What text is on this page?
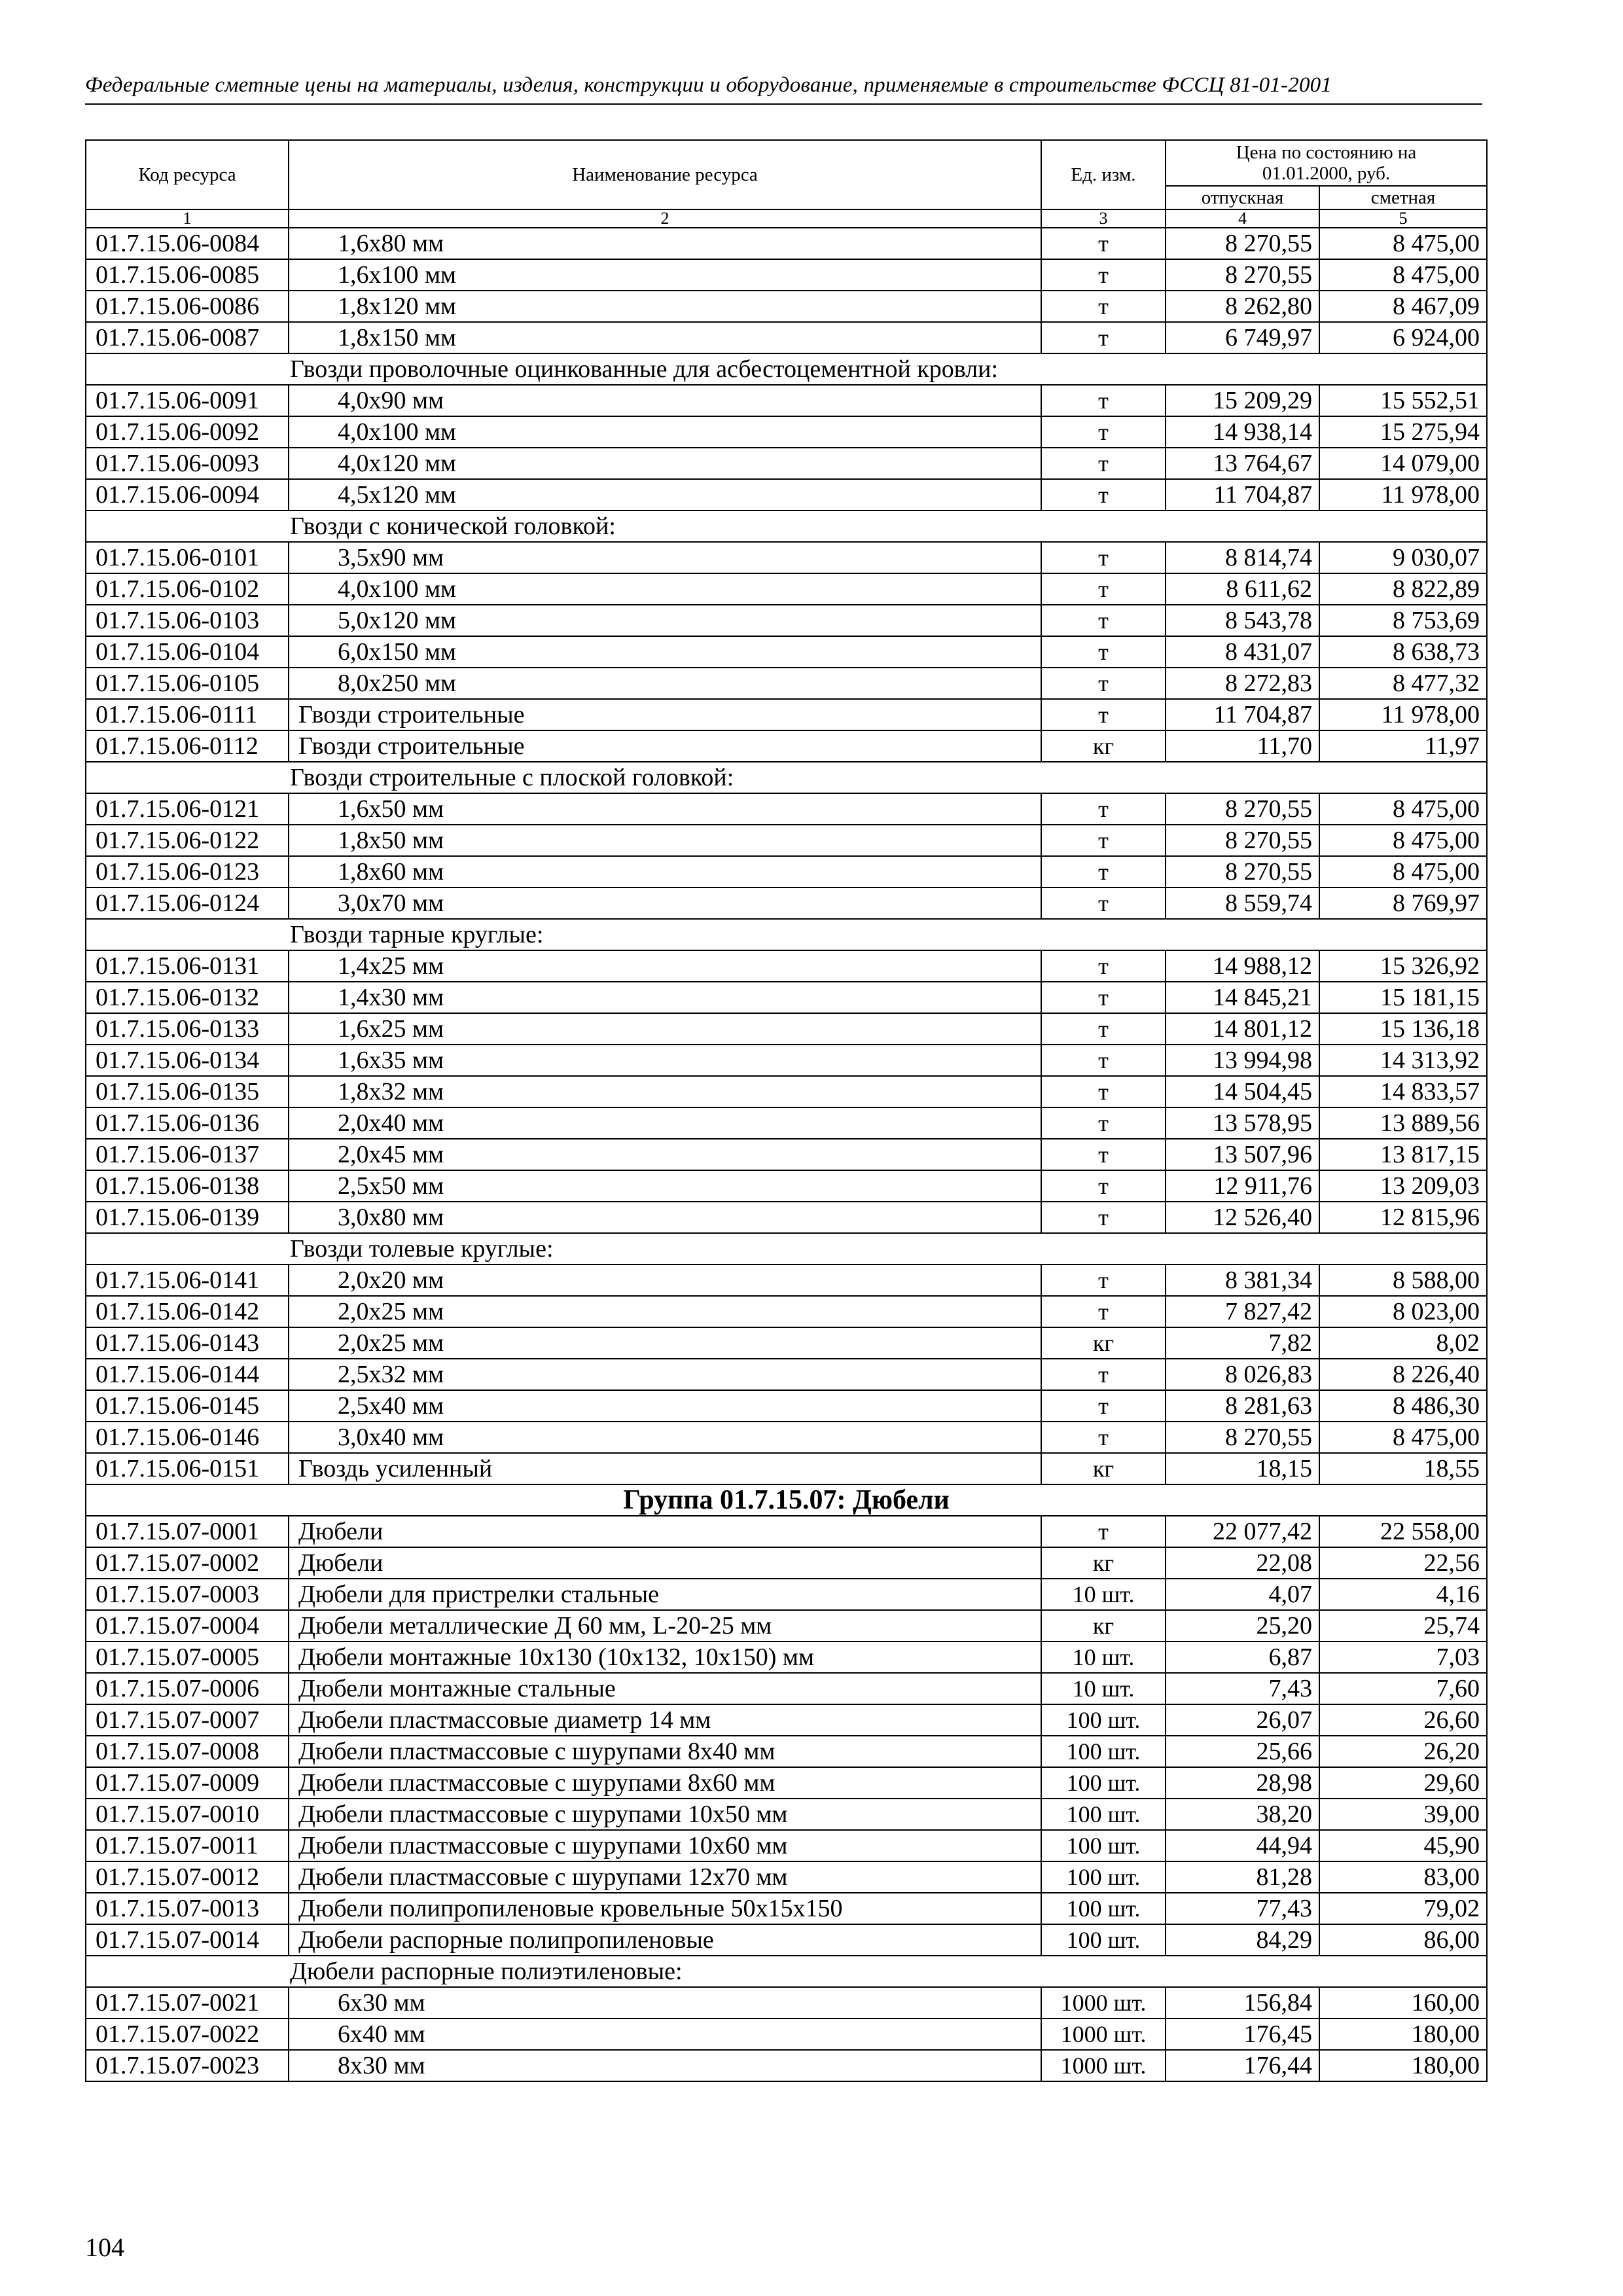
Федеральные сметные цены на материалы, изделия, конструкции и оборудование, применяемые в строительстве ФССЦ 81-01-2001
Код ресурса	Наименование ресурса	Ед. изм.	Цена по состоянию на 01.01.2000, руб.	
			отпускная	сметная
1	2	3	4	5
01.7.15.06-0084	1,6x80 мм	т	8 270,55	8 475,00
01.7.15.06-0085	1,6x100 мм	т	8 270,55	8 475,00
01.7.15.06-0086	1,8x120 мм	т	8 262,80	8 467,09
01.7.15.06-0087	1,8x150 мм	т	6 749,97	6 924,00
Гвозди проволочные оцинкованные для асбестоцементной кровли:				
01.7.15.06-0091	4,0x90 мм	т	15 209,29	15 552,51
01.7.15.06-0092	4,0x100 мм	т	14 938,14	15 275,94
01.7.15.06-0093	4,0x120 мм	т	13 764,67	14 079,00
01.7.15.06-0094	4,5x120 мм	т	11 704,87	11 978,00
Гвозди с конической головкой:				
01.7.15.06-0101	3,5x90 мм	т	8 814,74	9 030,07
01.7.15.06-0102	4,0x100 мм	т	8 611,62	8 822,89
01.7.15.06-0103	5,0x120 мм	т	8 543,78	8 753,69
01.7.15.06-0104	6,0x150 мм	т	8 431,07	8 638,73
01.7.15.06-0105	8,0x250 мм	т	8 272,83	8 477,32
01.7.15.06-0111	Гвозди строительные	т	11 704,87	11 978,00
01.7.15.06-0112	Гвозди строительные	кг	11,70	11,97
Гвозди строительные с плоской головкой:				
01.7.15.06-0121	1,6x50 мм	т	8 270,55	8 475,00
01.7.15.06-0122	1,8x50 мм	т	8 270,55	8 475,00
01.7.15.06-0123	1,8x60 мм	т	8 270,55	8 475,00
01.7.15.06-0124	3,0x70 мм	т	8 559,74	8 769,97
Гвозди тарные круглые:				
01.7.15.06-0131	1,4x25 мм	т	14 988,12	15 326,92
01.7.15.06-0132	1,4x30 мм	т	14 845,21	15 181,15
01.7.15.06-0133	1,6x25 мм	т	14 801,12	15 136,18
01.7.15.06-0134	1,6x35 мм	т	13 994,98	14 313,92
01.7.15.06-0135	1,8x32 мм	т	14 504,45	14 833,57
01.7.15.06-0136	2,0x40 мм	т	13 578,95	13 889,56
01.7.15.06-0137	2,0x45 мм	т	13 507,96	13 817,15
01.7.15.06-0138	2,5x50 мм	т	12 911,76	13 209,03
01.7.15.06-0139	3,0x80 мм	т	12 526,40	12 815,96
Гвозди толевые круглые:				
01.7.15.06-0141	2,0x20 мм	т	8 381,34	8 588,00
01.7.15.06-0142	2,0x25 мм	т	7 827,42	8 023,00
01.7.15.06-0143	2,0x25 мм	кг	7,82	8,02
01.7.15.06-0144	2,5x32 мм	т	8 026,83	8 226,40
01.7.15.06-0145	2,5x40 мм	т	8 281,63	8 486,30
01.7.15.06-0146	3,0x40 мм	т	8 270,55	8 475,00
01.7.15.06-0151	Гвоздь усиленный	кг	18,15	18,55
Группа 01.7.15.07: Дюбели				
01.7.15.07-0001	Дюбели	т	22 077,42	22 558,00
01.7.15.07-0002	Дюбели	кг	22,08	22,56
01.7.15.07-0003	Дюбели для пристрелки стальные	10 шт.	4,07	4,16
01.7.15.07-0004	Дюбели металлические Д 60 мм, L-20-25 мм	кг	25,20	25,74
01.7.15.07-0005	Дюбели монтажные 10х130 (10х132, 10х150) мм	10 шт.	6,87	7,03
01.7.15.07-0006	Дюбели монтажные стальные	10 шт.	7,43	7,60
01.7.15.07-0007	Дюбели пластмассовые диаметр 14 мм	100 шт.	26,07	26,60
01.7.15.07-0008	Дюбели пластмассовые с шурупами 8х40 мм	100 шт.	25,66	26,20
01.7.15.07-0009	Дюбели пластмассовые с шурупами 8х60 мм	100 шт.	28,98	29,60
01.7.15.07-0010	Дюбели пластмассовые с шурупами 10х50 мм	100 шт.	38,20	39,00
01.7.15.07-0011	Дюбели пластмассовые с шурупами 10х60 мм	100 шт.	44,94	45,90
01.7.15.07-0012	Дюбели пластмассовые с шурупами 12х70 мм	100 шт.	81,28	83,00
01.7.15.07-0013	Дюбели полипропиленовые кровельные 50х15х150	100 шт.	77,43	79,02
01.7.15.07-0014	Дюбели распорные полипропиленовые	100 шт.	84,29	86,00
Дюбели распорные полиэтиленовые:				
01.7.15.07-0021	6х30 мм	1000 шт.	156,84	160,00
01.7.15.07-0022	6х40 мм	1000 шт.	176,45	180,00
01.7.15.07-0023	8х30 мм	1000 шт.	176,44	180,00
104
